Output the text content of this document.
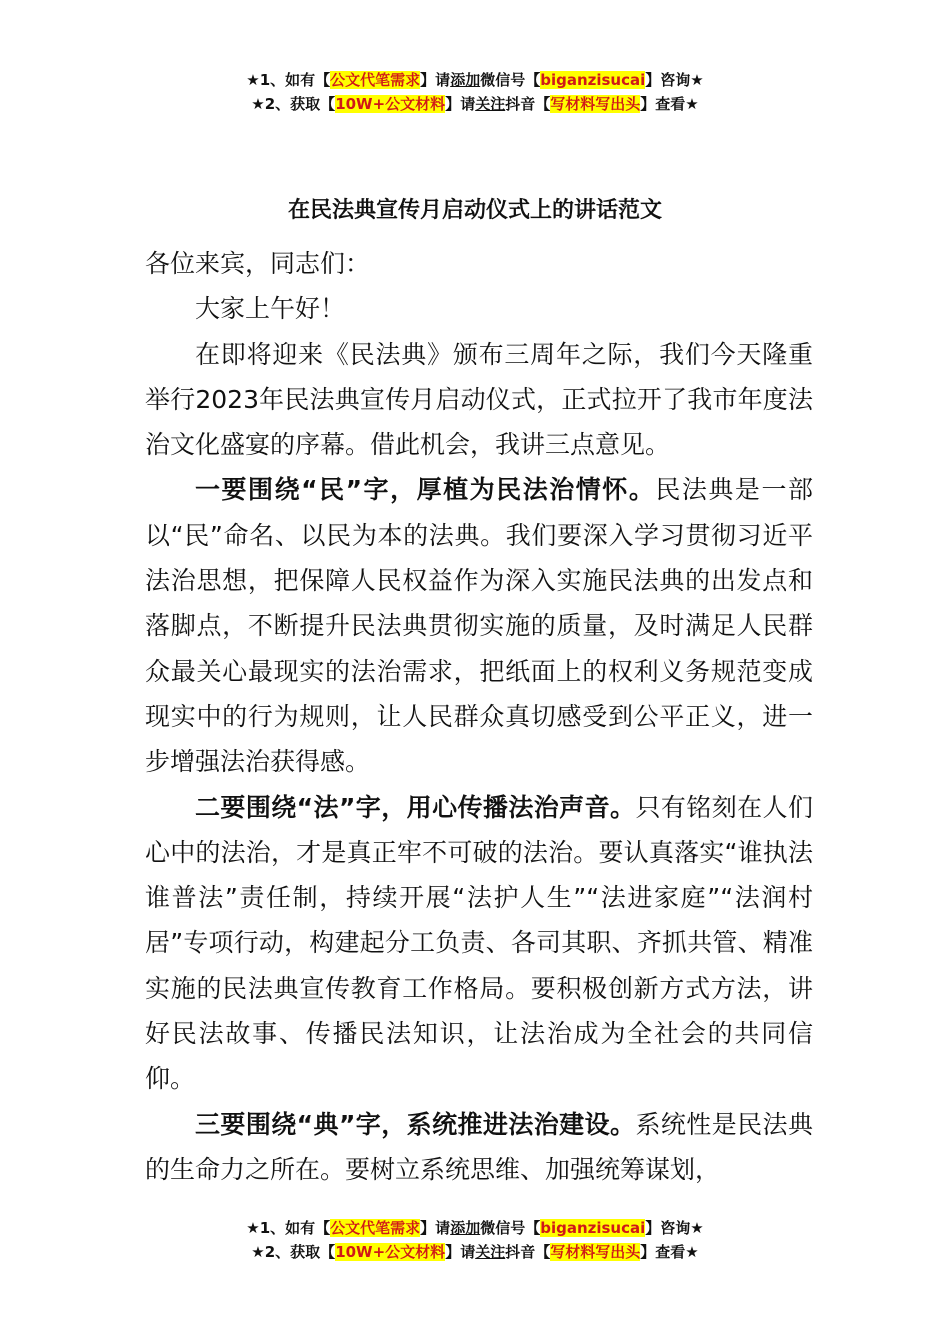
★1、如有【公文代笔需求】请添加微信号【biganzisucai】咨询★
★2、获取【10W+公文材料】请关注抖音【写材料写出头】查看★
在民法典宣传月启动仪式上的讲话范文

各位来宾，同志们：

大家上午好！

在即将迎来《民法典》颁布三周年之际，我们今天隆重举行2023年民法典宣传月启动仪式，正式拉开了我市年度法治文化盛宴的序幕。借此机会，我讲三点意见。

一要围绕“民”字，厚植为民法治情怀。民法典是一部以“民”命名、以民为本的法典。我们要深入学习贯彻习近平法治思想，把保障人民权益作为深入实施民法典的出发点和落脚点，不断提升民法典贯彻实施的质量，及时满足人民群众最关心最现实的法治需求，把纸面上的权利义务规范变成现实中的行为规则，让人民群众真切感受到公平正义，进一步增强法治获得感。

二要围绕“法”字，用心传播法治声音。只有铭刻在人们心中的法治，才是真正牢不可破的法治。要认真落实“谁执法谁普法”责任制，持续开展“法护人生”“法进家庭”“法润村居”专项行动，构建起分工负责、各司其职、齐抓共管、精准实施的民法典宣传教育工作格局。要积极创新方式方法，讲好民法故事、传播民法知识，让法治成为全社会的共同信仰。

三要围绕“典”字，系统推进法治建设。系统性是民法典的生命力之所在。要树立系统思维、加强统筹谋划，

★1、如有【公文代笔需求】请添加微信号【biganzisucai】咨询★
★2、获取【10W+公文材料】请关注抖音【写材料写出头】查看★
